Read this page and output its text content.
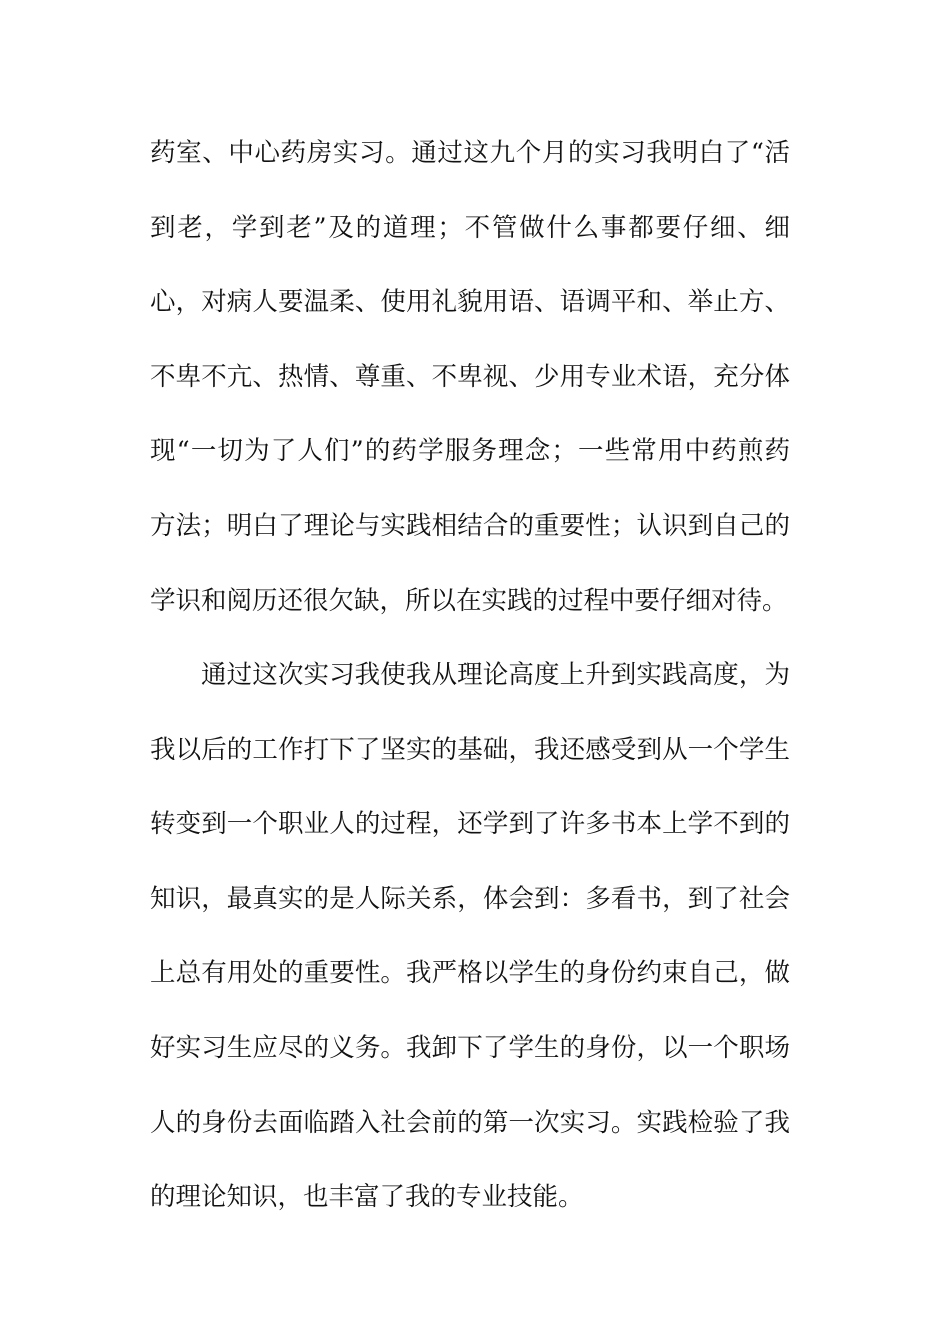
药室、中心药房实习。通过这九个月的实习我明白了“活
到老，学到老”及的道理；不管做什么事都要仔细、细
心，对病人要温柔、使用礼貌用语、语调平和、举止方、
不卑不亢、热情、尊重、不卑视、少用专业术语，充分体
现“一切为了人们”的药学服务理念；一些常用中药煎药
方法；明白了理论与实践相结合的重要性；认识到自己的
学识和阅历还很欠缺，所以在实践的过程中要仔细对待。
通过这次实习我使我从理论高度上升到实践高度，为
我以后的工作打下了坚实的基础，我还感受到从一个学生
转变到一个职业人的过程，还学到了许多书本上学不到的
知识，最真实的是人际关系，体会到：多看书，到了社会
上总有用处的重要性。我严格以学生的身份约束自己，做
好实习生应尽的义务。我卸下了学生的身份，以一个职场
人的身份去面临踏入社会前的第一次实习。实践检验了我
的理论知识，也丰富了我的专业技能。
